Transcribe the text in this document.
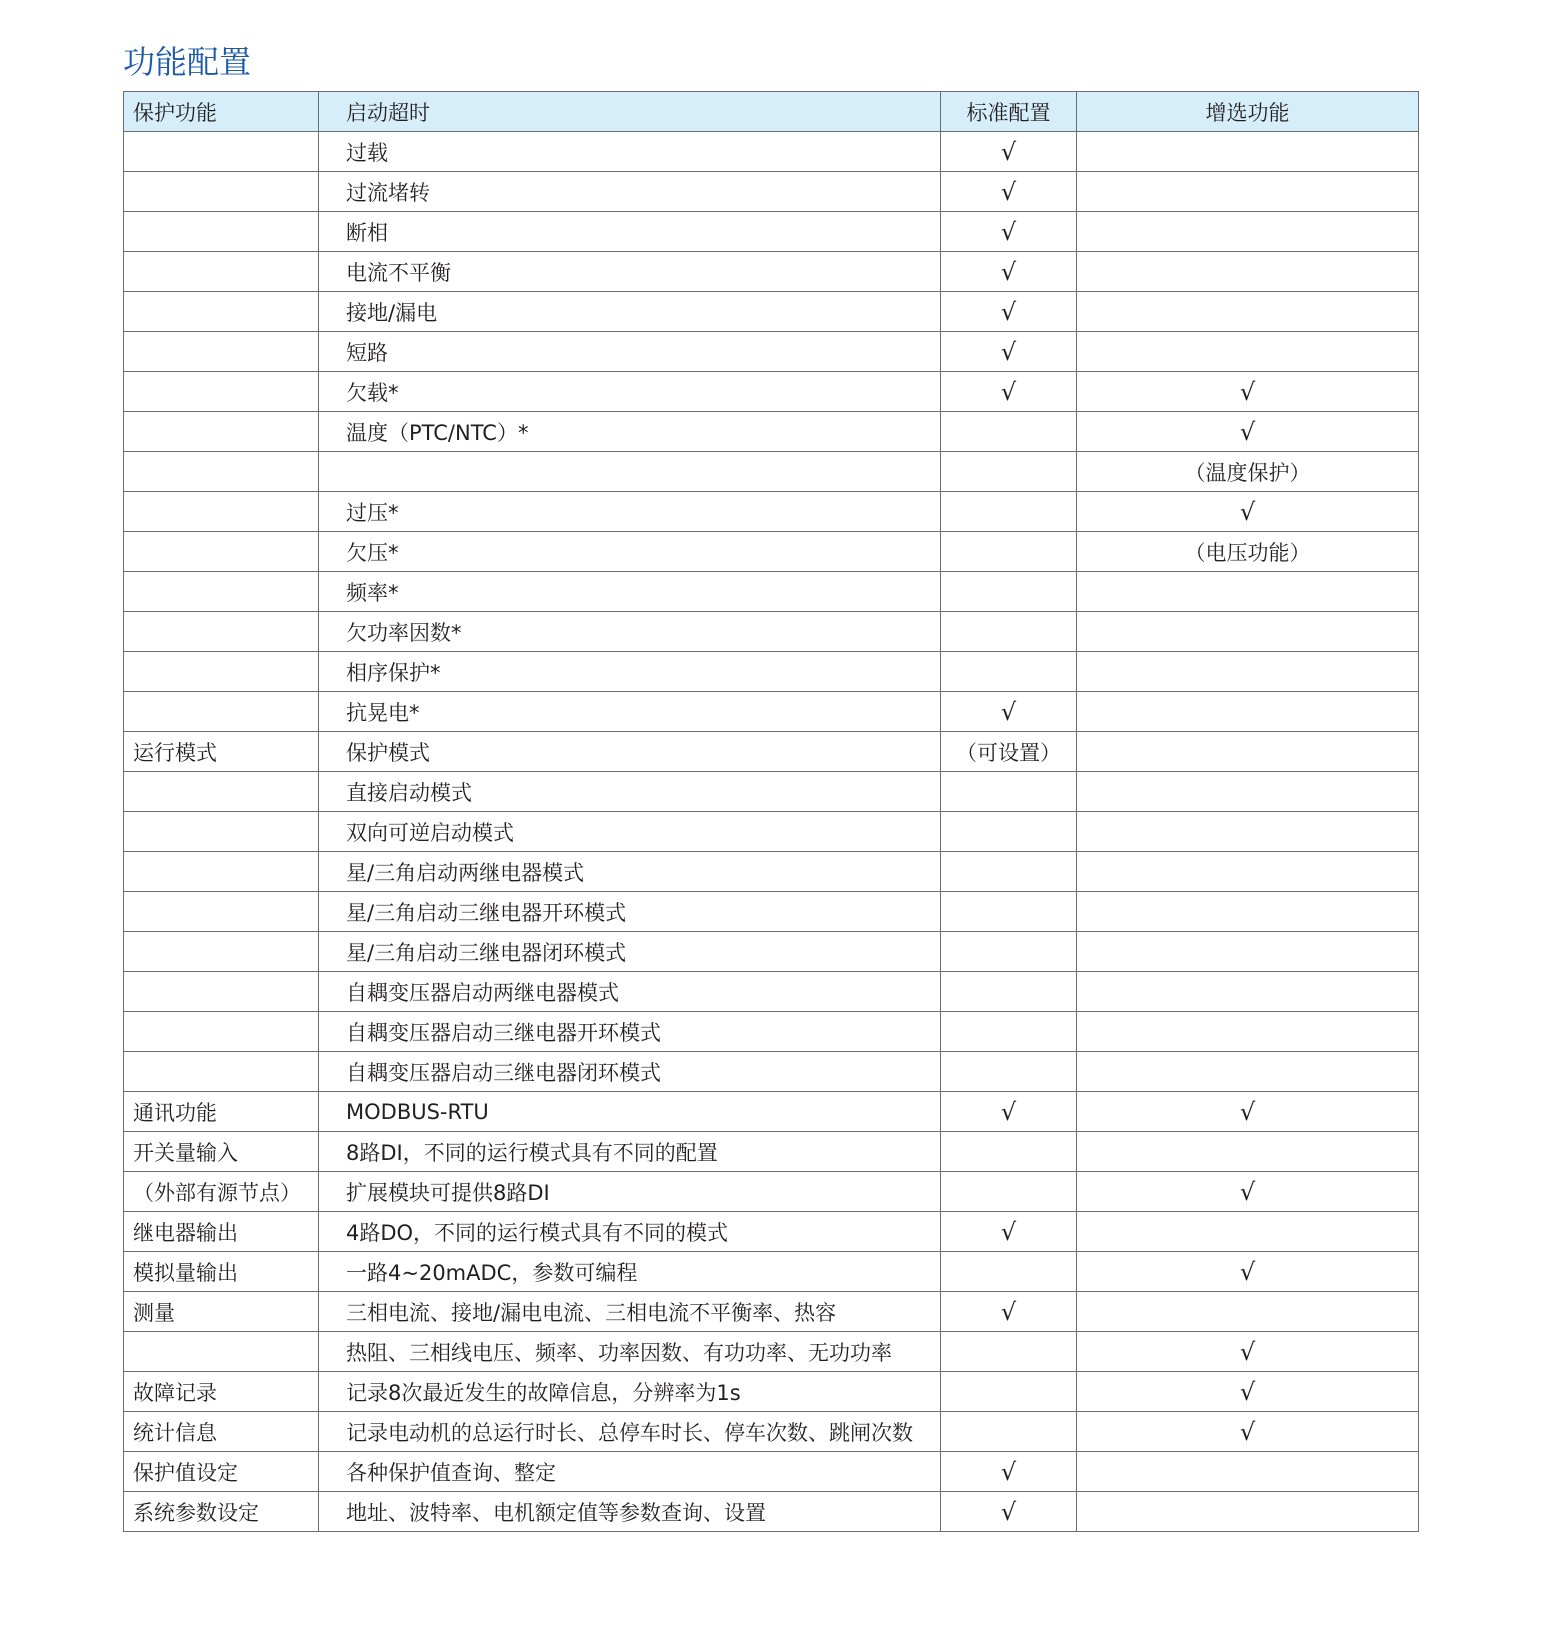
功能配置
保护功能	启动超时	标准配置	增选功能
	过载	√	
	过流堵转	√	
	断相	√	
	电流不平衡	√	
	接地/漏电	√	
	短路	√	
	欠载*	√	√
	温度（PTC/NTC）*		√
			（温度保护）
	过压*		√
	欠压*		（电压功能）
	频率*		
	欠功率因数*		
	相序保护*		
	抗晃电*	√	
运行模式	保护模式	（可设置）	
	直接启动模式		
	双向可逆启动模式		
	星/三角启动两继电器模式		
	星/三角启动三继电器开环模式		
	星/三角启动三继电器闭环模式		
	自耦变压器启动两继电器模式		
	自耦变压器启动三继电器开环模式		
	自耦变压器启动三继电器闭环模式		
通讯功能	MODBUS-RTU	√	√
开关量输入	8路DI，不同的运行模式具有不同的配置		
（外部有源节点）	扩展模块可提供8路DI		√
继电器输出	4路DO，不同的运行模式具有不同的模式	√	
模拟量输出	一路4~20mADC，参数可编程		√
测量	三相电流、接地/漏电电流、三相电流不平衡率、热容	√	
	热阻、三相线电压、频率、功率因数、有功功率、无功功率		√
故障记录	记录8次最近发生的故障信息，分辨率为1s		√
统计信息	记录电动机的总运行时长、总停车时长、停车次数、跳闸次数		√
保护值设定	各种保护值查询、整定	√	
系统参数设定	地址、波特率、电机额定值等参数查询、设置	√	
